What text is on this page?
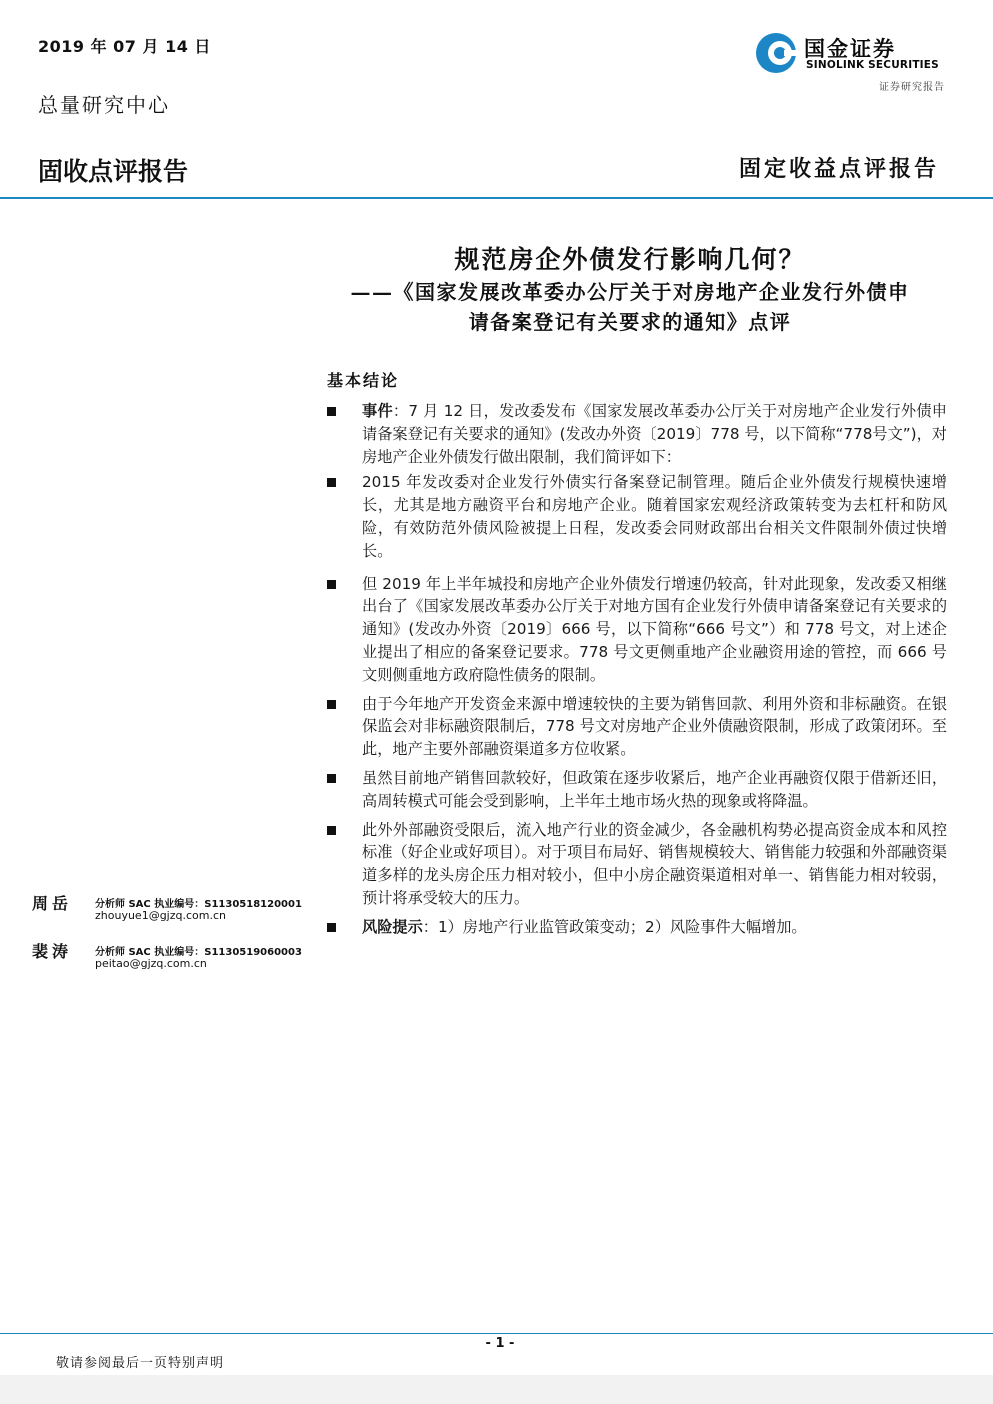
2019 年 07 月 14 日
总量研究中心
固收点评报告	固定收益点评报告
国金证券
SINOLINK SECURITIES
证券研究报告
规范房企外债发行影响几何？
——《国家发展改革委办公厅关于对房地产企业发行外债申
请备案登记有关要求的通知》点评
基本结论
事件：7 月 12 日，发改委发布《国家发展改革委办公厅关于对房地产企业发行外债申请备案登记有关要求的通知》(发改办外资〔2019〕778 号，以下简称“778号文”)，对房地产企业外债发行做出限制，我们简评如下：
2015 年发改委对企业发行外债实行备案登记制管理。随后企业外债发行规模快速增长，尤其是地方融资平台和房地产企业。随着国家宏观经济政策转变为去杠杆和防风险，有效防范外债风险被提上日程，发改委会同财政部出台相关文件限制外债过快增长。
但 2019 年上半年城投和房地产企业外债发行增速仍较高，针对此现象，发改委又相继出台了《国家发展改革委办公厅关于对地方国有企业发行外债申请备案登记有关要求的通知》(发改办外资〔2019〕666 号，以下简称“666 号文”）和 778 号文，对上述企业提出了相应的备案登记要求。778 号文更侧重地产企业融资用途的管控，而 666 号文则侧重地方政府隐性债务的限制。
由于今年地产开发资金来源中增速较快的主要为销售回款、利用外资和非标融资。在银保监会对非标融资限制后，778 号文对房地产企业外债融资限制，形成了政策闭环。至此，地产主要外部融资渠道多方位收紧。
虽然目前地产销售回款较好，但政策在逐步收紧后，地产企业再融资仅限于借新还旧，高周转模式可能会受到影响，上半年土地市场火热的现象或将降温。
此外外部融资受限后，流入地产行业的资金减少，各金融机构势必提高资金成本和风控标准（好企业或好项目）。对于项目布局好、销售规模较大、销售能力较强和外部融资渠道多样的龙头房企压力相对较小，但中小房企融资渠道相对单一、销售能力相对较弱，预计将承受较大的压力。
风险提示：1）房地产行业监管政策变动；2）风险事件大幅增加。
周岳 分析师 SAC 执业编号：S1130518120001
zhouyue1@gjzq.com.cn
裴涛 分析师 SAC 执业编号：S1130519060003
peitao@gjzq.com.cn
- 1 -
敬请参阅最后一页特别声明
